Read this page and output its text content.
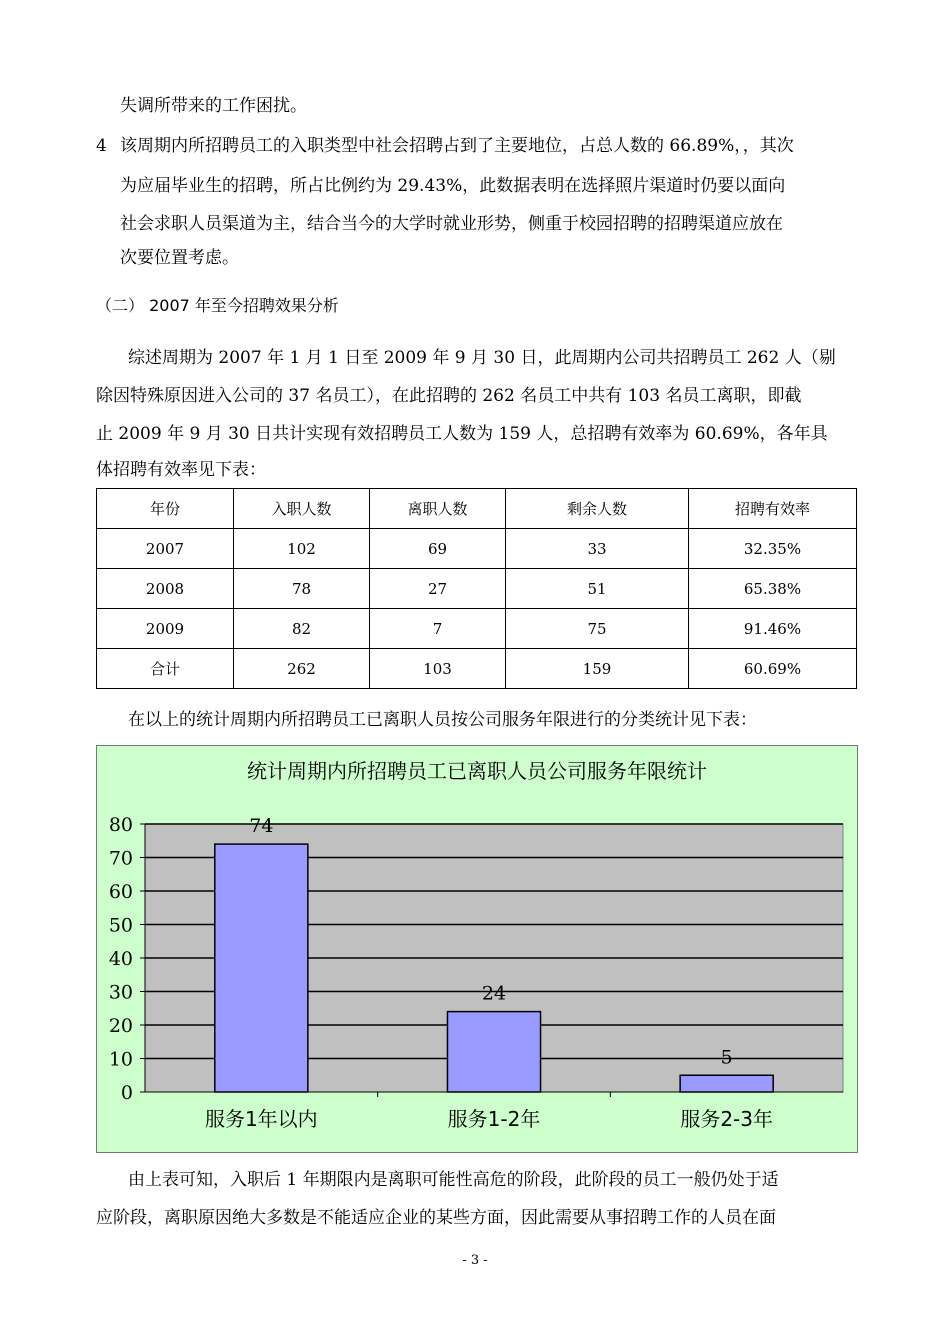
失调所带来的工作困扰。
4 该周期内所招聘员工的入职类型中社会招聘占到了主要地位，占总人数的 66.89%，，其次
为应届毕业生的招聘，所占比例约为 29.43%，此数据表明在选择照片渠道时仍要以面向
社会求职人员渠道为主，结合当今的大学时就业形势，侧重于校园招聘的招聘渠道应放在
次要位置考虑。
（二） 2007 年至今招聘效果分析
综述周期为 2007 年 1 月 1 日至 2009 年 9 月 30 日，此周期内公司共招聘员工 262 人（剔
除因特殊原因进入公司的 37 名员工），在此招聘的 262 名员工中共有 103 名员工离职，即截
止 2009 年 9 月 30 日共计实现有效招聘员工人数为 159 人，总招聘有效率为 60.69%，各年具
体招聘有效率见下表：
年份	入职人数	离职人数	剩余人数	招聘有效率
2007	102	69	33	32.35%
2008	78	27	51	65.38%
2009	82	7	75	91.46%
合计	262	103	159	60.69%
在以上的统计周期内所招聘员工已离职人员按公司服务年限进行的分类统计见下表：
统计周期内所招聘员工已离职人员公司服务年限统计
0
10
20
30
40
50
60
70
80	74
服务1年以内
24
服务1-2年
5
服务2-3年
由上表可知，入职后 1 年期限内是离职可能性高危的阶段，此阶段的员工一般仍处于适
应阶段，离职原因绝大多数是不能适应企业的某些方面，因此需要从事招聘工作的人员在面
- 3 -
